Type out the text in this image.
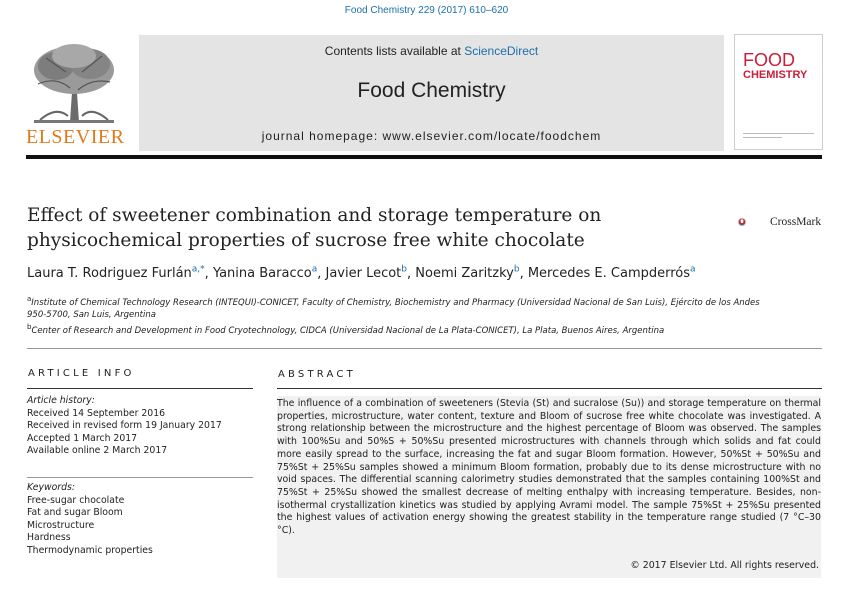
Food Chemistry 229 (2017) 610–620
ELSEVIER
Contents lists available at ScienceDirect
Food Chemistry
journal homepage: www.elsevier.com/locate/foodchem
FOOD
CHEMISTRY
Effect of sweetener combination and storage temperature on
physicochemical properties of sucrose free white chocolate
CrossMark
Laura T. Rodriguez Furlán$^{a,*}$, Yanina Baracco$^a$, Javier Lecot$^b$, Noemi Zaritzky$^b$, Mercedes E. Campderrós$^a$
$^a$Institute of Chemical Technology Research (INTEQUI)-CONICET, Faculty of Chemistry, Biochemistry and Pharmacy (Universidad Nacional de San Luis), Ejército de los Andes
950-5700, San Luis, Argentina
$^b$Center of Research and Development in Food Cryotechnology, CIDCA (Universidad Nacional de La Plata-CONICET), La Plata, Buenos Aires, Argentina
ARTICLE INFO	ABSTRACT
Article history:
Received 14 September 2016
Received in revised form 19 January 2017
Accepted 1 March 2017
Available online 2 March 2017
Keywords:
Free-sugar chocolate
Fat and sugar Bloom
Microstructure
Hardness
Thermodynamic properties
The influence of a combination of sweeteners (Stevia (St) and sucralose (Su)) and storage temperature on thermal properties, microstructure, water content, texture and Bloom of sucrose free white chocolate was investigated. A strong relationship between the microstructure and the highest percentage of Bloom was observed. The samples with 100%Su and 50%S + 50%Su presented microstructures with channels through which solids and fat could more easily spread to the surface, increasing the fat and sugar Bloom formation. However, 50%St + 50%Su and 75%St + 25%Su samples showed a minimum Bloom formation, probably due to its dense microstructure with no void spaces. The differential scanning calorimetry studies demonstrated that the samples containing 100%St and 75%St + 25%Su showed the smallest decrease of melting enthalpy with increasing temperature. Besides, non-isothermal crystallization kinetics was studied by applying Avrami model. The sample 75%St + 25%Su presented the highest values of activation energy showing the greatest stability in the temperature range studied (7 °C–30 °C).
© 2017 Elsevier Ltd. All rights reserved.
